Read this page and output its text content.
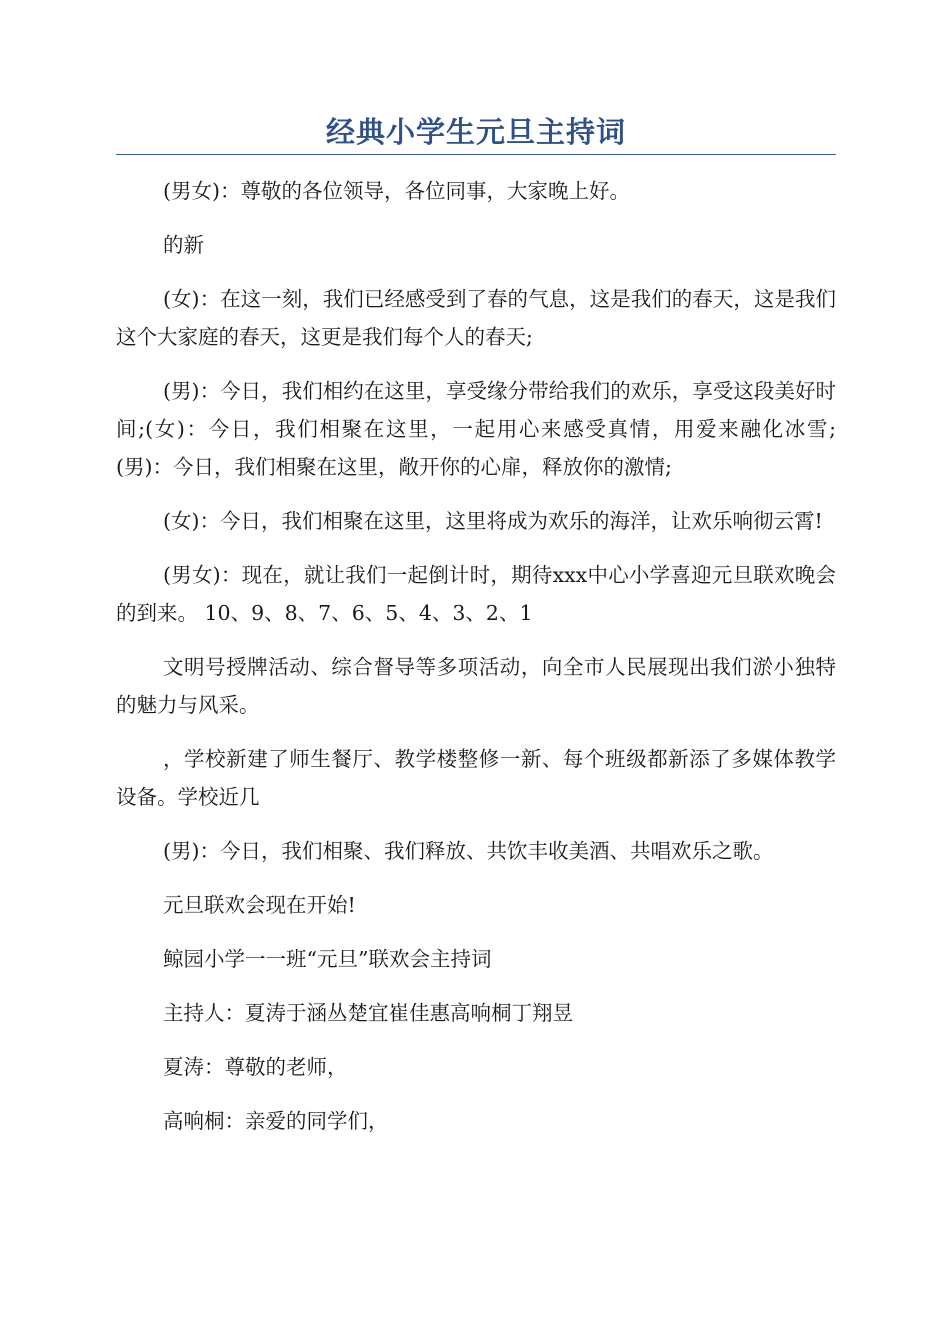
经典小学生元旦主持词

(男女)：尊敬的各位领导，各位同事，大家晚上好。

的新

(女)：在这一刻，我们已经感受到了春的气息，这是我们的春天，这是我们这个大家庭的春天，这更是我们每个人的春天;

(男)：今日，我们相约在这里，享受缘分带给我们的欢乐，享受这段美好时间;(女)：今日，我们相聚在这里，一起用心来感受真情，用爱来融化冰雪;(男)：今日，我们相聚在这里，敞开你的心扉，释放你的激情;

(女)：今日，我们相聚在这里，这里将成为欢乐的海洋，让欢乐响彻云霄!

(男女)：现在，就让我们一起倒计时，期待xxx中心小学喜迎元旦联欢晚会的到来。 10、9、8、7、6、5、4、3、2、1

文明号授牌活动、综合督导等多项活动，向全市人民展现出我们淤小独特的魅力与风采。

，学校新建了师生餐厅、教学楼整修一新、每个班级都新添了多媒体教学设备。学校近几

(男)：今日，我们相聚、我们释放、共饮丰收美酒、共唱欢乐之歌。

元旦联欢会现在开始!

鲸园小学一一班“元旦”联欢会主持词

主持人：夏涛于涵丛楚宜崔佳惠高响桐丁翔昱

夏涛：尊敬的老师，

高响桐：亲爱的同学们，
